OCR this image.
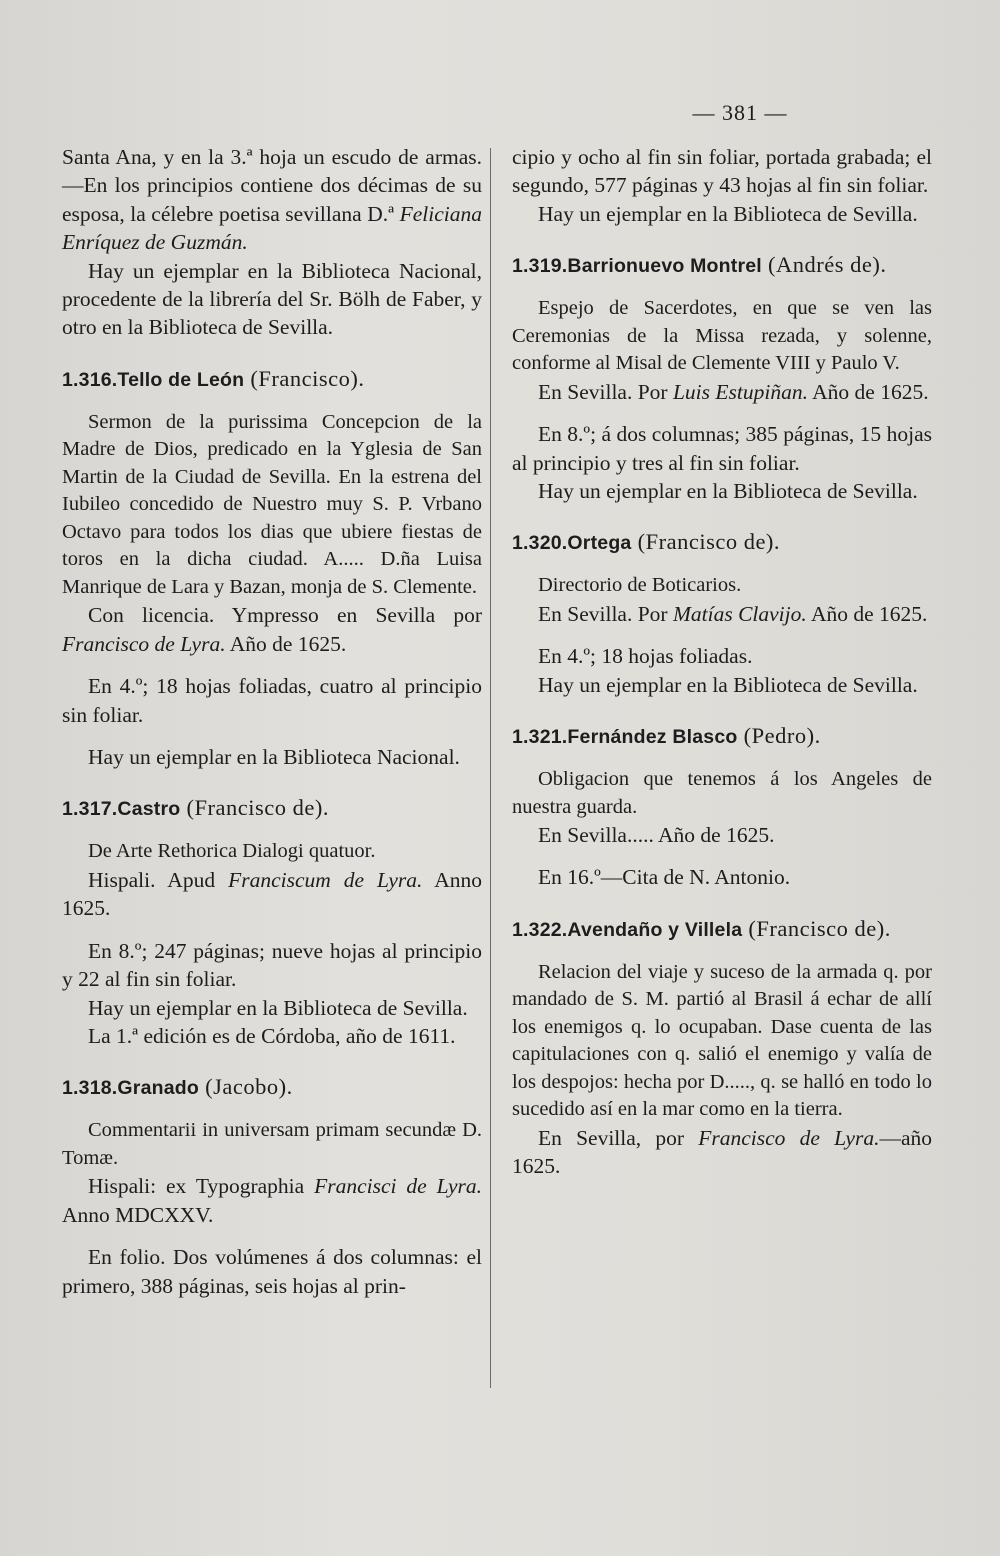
— 381 —

Santa Ana, y en la 3.ª hoja un escudo de armas.—En los principios contiene dos décimas de su esposa, la célebre poetisa sevillana D.ª Feliciana Enríquez de Guzmán.

Hay un ejemplar en la Biblioteca Nacional, procedente de la librería del Sr. Bölh de Faber, y otro en la Biblioteca de Sevilla.

1.316.Tello de León (Francisco).

Sermon de la purissima Concepcion de la Madre de Dios, predicado en la Yglesia de San Martin de la Ciudad de Sevilla. En la estrena del Iubileo concedido de Nuestro muy S. P. Vrbano Octavo para todos los dias que ubiere fiestas de toros en la dicha ciudad. A..... D.ña Luisa Manrique de Lara y Bazan, monja de S. Clemente.

Con licencia. Ympresso en Sevilla por Francisco de Lyra. Año de 1625.

En 4.º; 18 hojas foliadas, cuatro al principio sin foliar.

Hay un ejemplar en la Biblioteca Nacional.

1.317.Castro (Francisco de).

De Arte Rethorica Dialogi quatuor.

Hispali. Apud Franciscum de Lyra. Anno 1625.

En 8.º; 247 páginas; nueve hojas al principio y 22 al fin sin foliar.

Hay un ejemplar en la Biblioteca de Sevilla.

La 1.ª edición es de Córdoba, año de 1611.

1.318.Granado (Jacobo).

Commentarii in universam primam secundæ D. Tomæ.

Hispali: ex Typographia Francisci de Lyra. Anno MDCXXV.

En folio. Dos volúmenes á dos columnas: el primero, 388 páginas, seis hojas al prin-

cipio y ocho al fin sin foliar, portada grabada; el segundo, 577 páginas y 43 hojas al fin sin foliar.

Hay un ejemplar en la Biblioteca de Sevilla.

1.319.Barrionuevo Montrel (Andrés de).

Espejo de Sacerdotes, en que se ven las Ceremonias de la Missa rezada, y solenne, conforme al Misal de Clemente VIII y Paulo V.

En Sevilla. Por Luis Estupiñan. Año de 1625.

En 8.º; á dos columnas; 385 páginas, 15 hojas al principio y tres al fin sin foliar.

Hay un ejemplar en la Biblioteca de Sevilla.

1.320.Ortega (Francisco de).

Directorio de Boticarios.

En Sevilla. Por Matías Clavijo. Año de 1625.

En 4.º; 18 hojas foliadas.

Hay un ejemplar en la Biblioteca de Sevilla.

1.321.Fernández Blasco (Pedro).

Obligacion que tenemos á los Angeles de nuestra guarda.

En Sevilla..... Año de 1625.

En 16.º—Cita de N. Antonio.

1.322.Avendaño y Villela (Francisco de).

Relacion del viaje y suceso de la armada q. por mandado de S. M. partió al Brasil á echar de allí los enemigos q. lo ocupaban. Dase cuenta de las capitulaciones con q. salió el enemigo y valía de los despojos: hecha por D....., q. se halló en todo lo sucedido así en la mar como en la tierra.

En Sevilla, por Francisco de Lyra.—año 1625.
